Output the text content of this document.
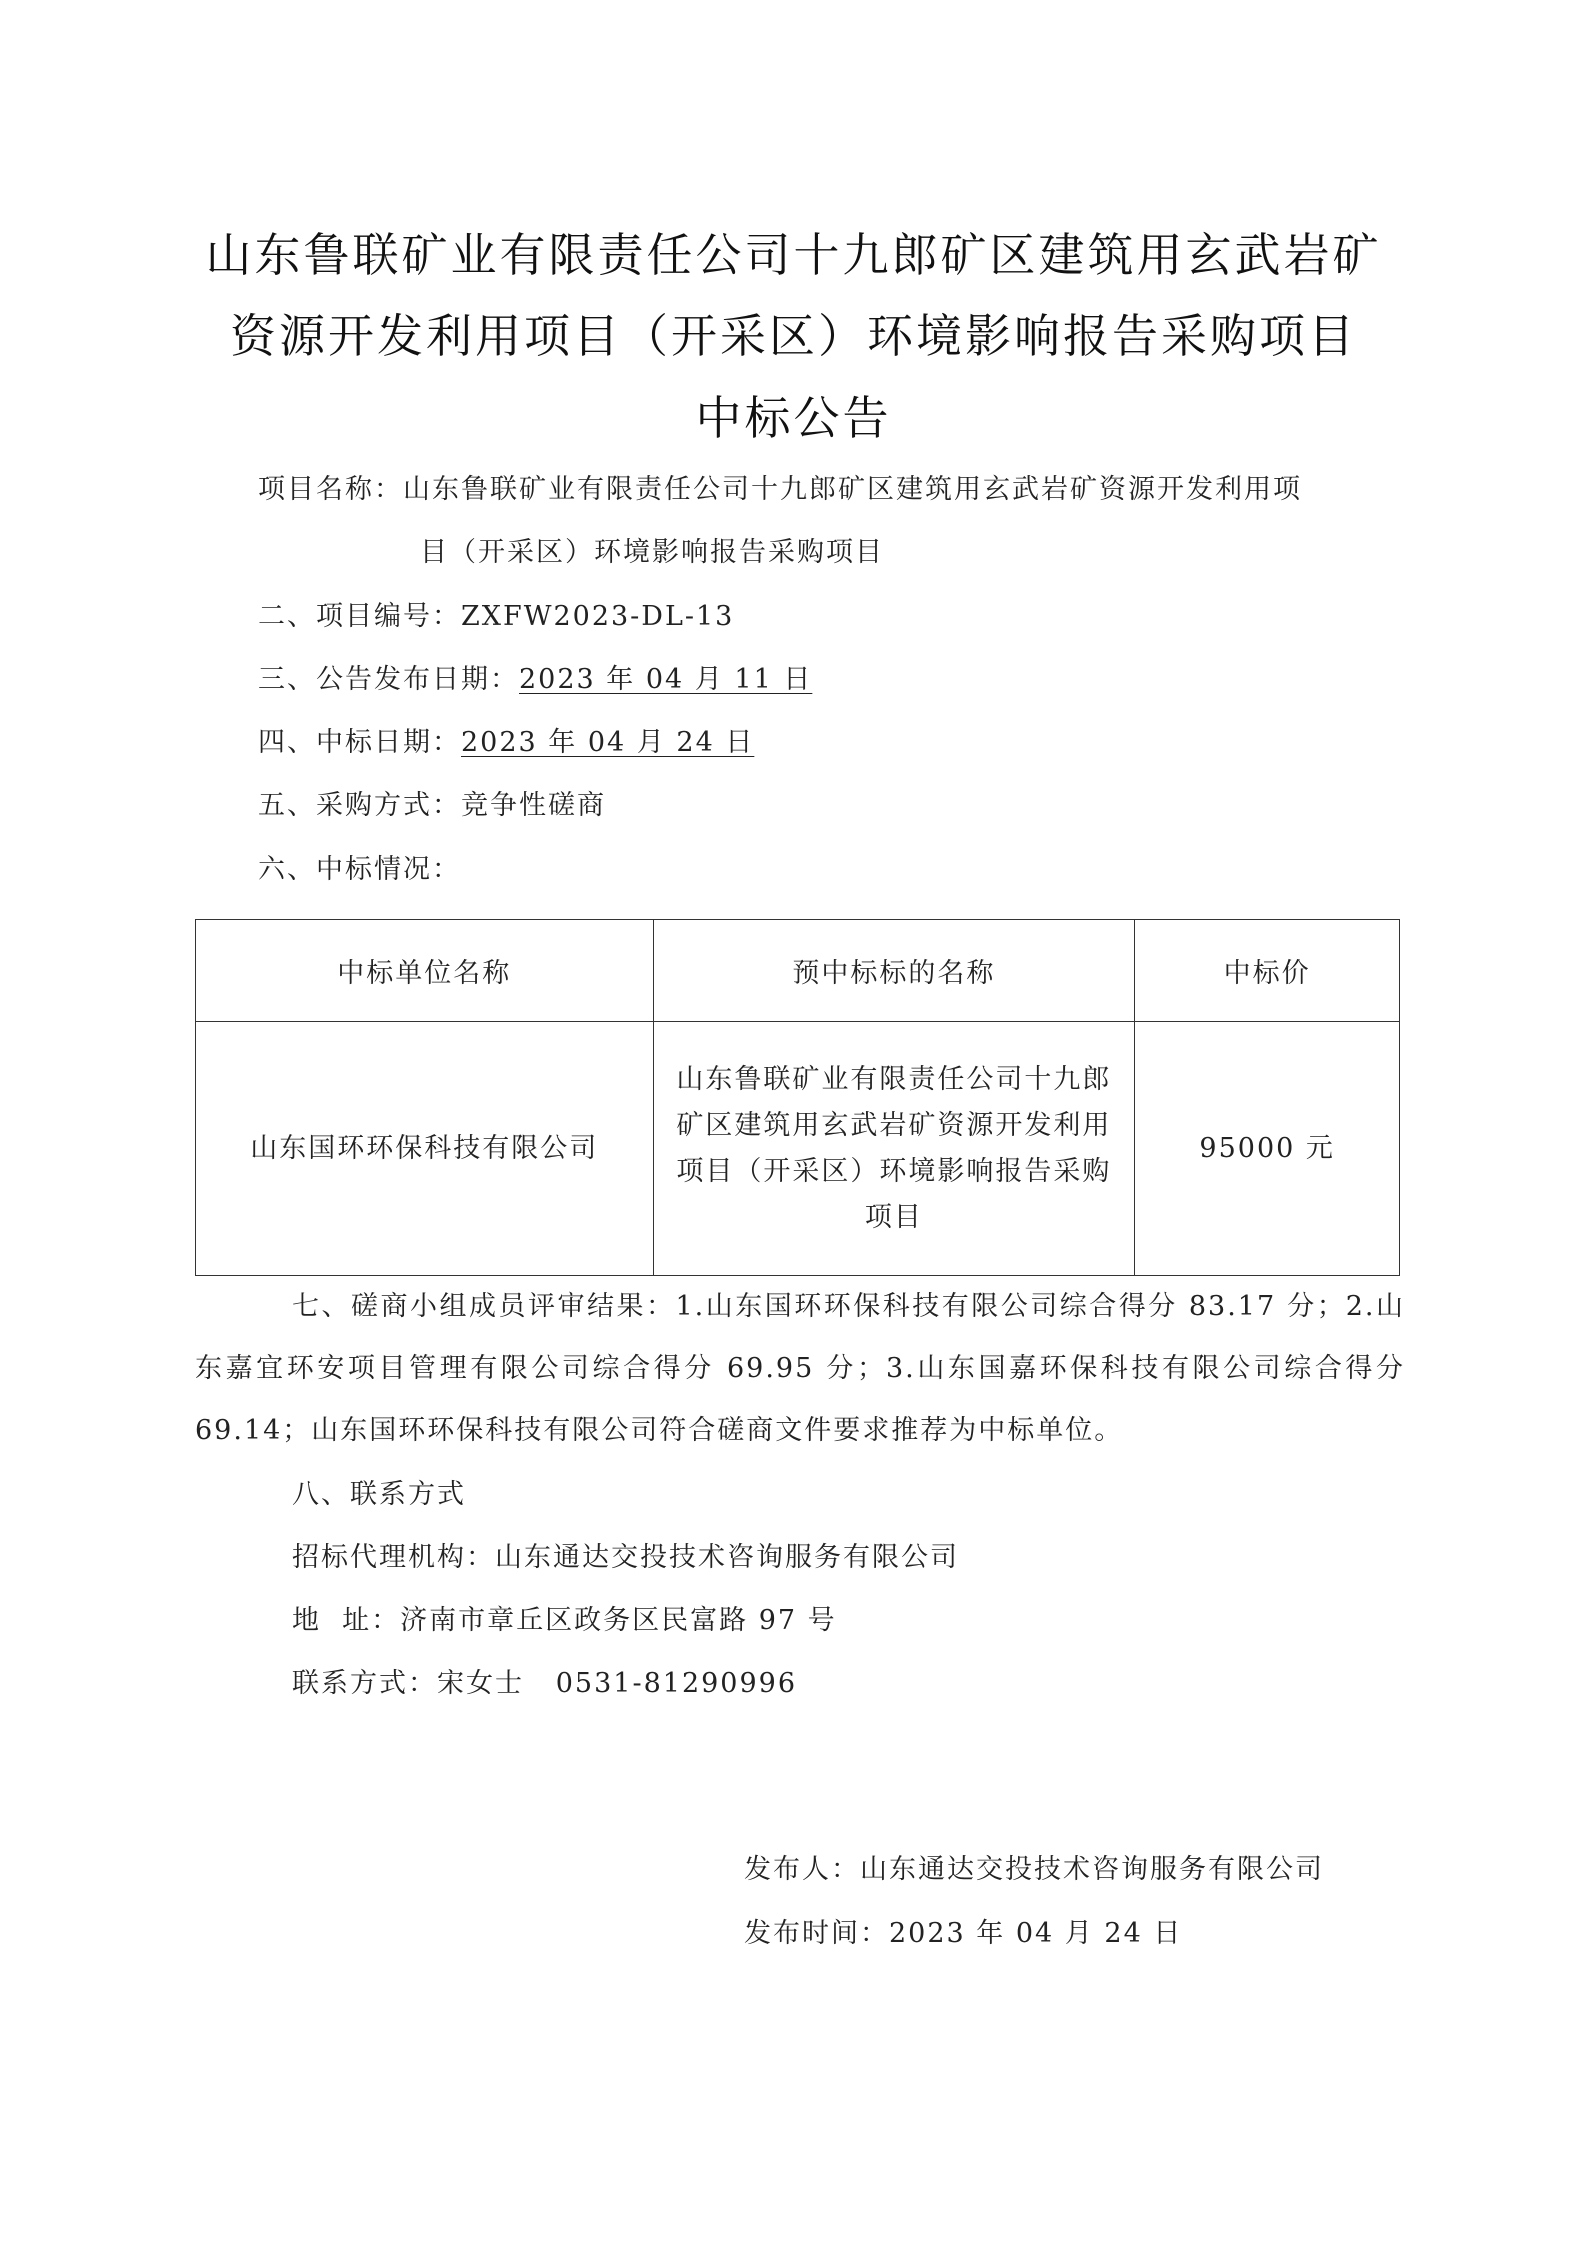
山东鲁联矿业有限责任公司十九郎矿区建筑用玄武岩矿
资源开发利用项目（开采区）环境影响报告采购项目
中标公告
项目名称：山东鲁联矿业有限责任公司十九郎矿区建筑用玄武岩矿资源开发利用项
目（开采区）环境影响报告采购项目
二、项目编号：ZXFW2023-DL-13
三、公告发布日期：2023 年 04 月 11 日
四、中标日期：2023 年 04 月 24 日
五、采购方式：竞争性磋商
六、中标情况：
中标单位名称	预中标标的名称	中标价
山东国环环保科技有限公司	山东鲁联矿业有限责任公司十九郎矿区建筑用玄武岩矿资源开发利用项目（开采区）环境影响报告采购项目	95000 元
七、磋商小组成员评审结果：1.山东国环环保科技有限公司综合得分 83.17 分；2.山东嘉宜环安项目管理有限公司综合得分 69.95 分；3.山东国嘉环保科技有限公司综合得分 69.14；山东国环环保科技有限公司符合磋商文件要求推荐为中标单位。
八、联系方式
招标代理机构：山东通达交投技术咨询服务有限公司
地  址：济南市章丘区政务区民富路 97 号
联系方式：宋女士   0531-81290996
发布人：山东通达交投技术咨询服务有限公司
发布时间：2023 年 04 月 24 日
